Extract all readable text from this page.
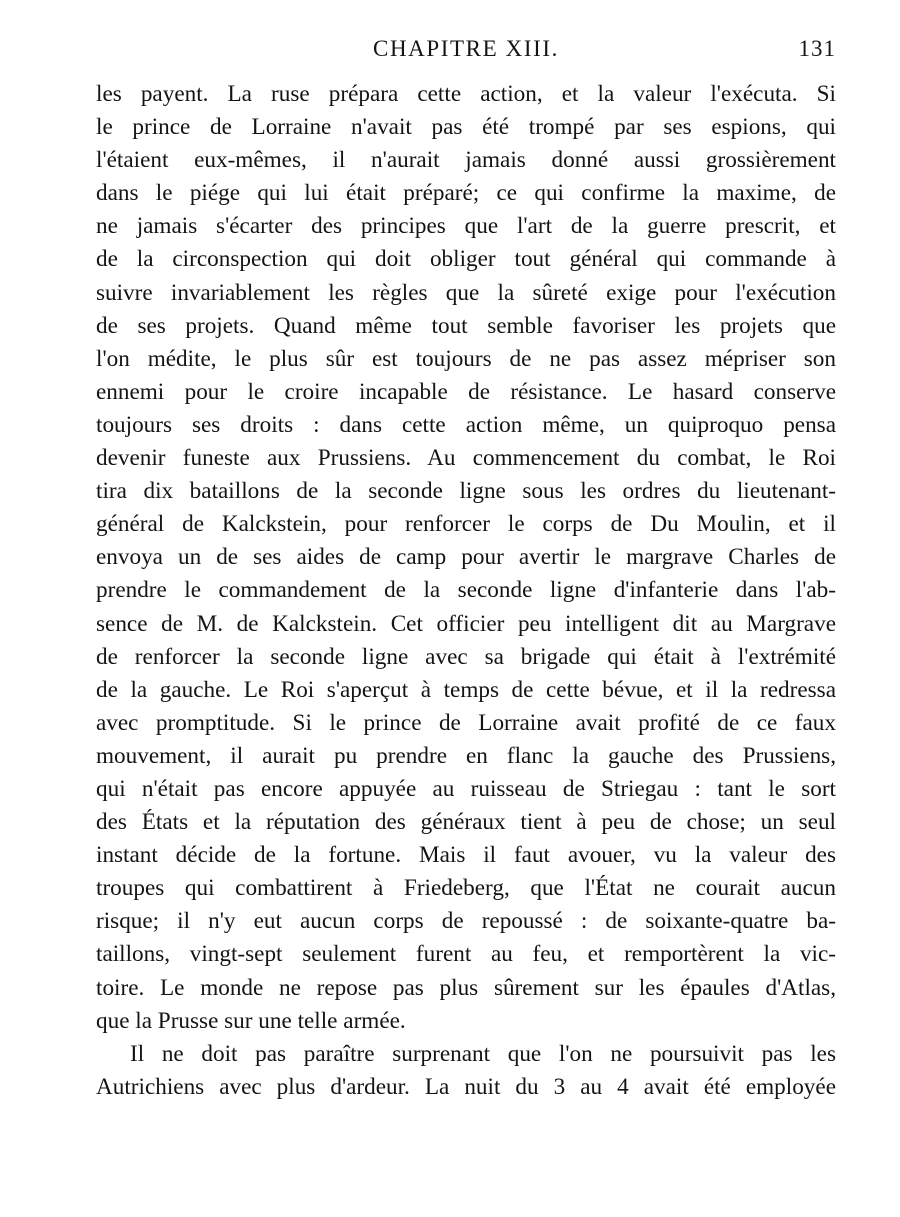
CHAPITRE XIII.	131
les payent. La ruse prépara cette action, et la valeur l'exécuta. Si
le prince de Lorraine n'avait pas été trompé par ses espions, qui
l'étaient eux-mêmes, il n'aurait jamais donné aussi grossièrement
dans le piége qui lui était préparé; ce qui confirme la maxime, de
ne jamais s'écarter des principes que l'art de la guerre prescrit, et
de la circonspection qui doit obliger tout général qui commande à
suivre invariablement les règles que la sûreté exige pour l'exécution
de ses projets. Quand même tout semble favoriser les projets que
l'on médite, le plus sûr est toujours de ne pas assez mépriser son
ennemi pour le croire incapable de résistance. Le hasard conserve
toujours ses droits : dans cette action même, un quiproquo pensa
devenir funeste aux Prussiens. Au commencement du combat, le Roi
tira dix bataillons de la seconde ligne sous les ordres du lieutenant-
général de Kalckstein, pour renforcer le corps de Du Moulin, et il
envoya un de ses aides de camp pour avertir le margrave Charles de
prendre le commandement de la seconde ligne d'infanterie dans l'ab-
sence de M. de Kalckstein. Cet officier peu intelligent dit au Margrave
de renforcer la seconde ligne avec sa brigade qui était à l'extrémité
de la gauche. Le Roi s'aperçut à temps de cette bévue, et il la redressa
avec promptitude. Si le prince de Lorraine avait profité de ce faux
mouvement, il aurait pu prendre en flanc la gauche des Prussiens,
qui n'était pas encore appuyée au ruisseau de Striegau : tant le sort
des États et la réputation des généraux tient à peu de chose; un seul
instant décide de la fortune. Mais il faut avouer, vu la valeur des
troupes qui combattirent à Friedeberg, que l'État ne courait aucun
risque; il n'y eut aucun corps de repoussé : de soixante-quatre ba-
taillons, vingt-sept seulement furent au feu, et remportèrent la vic-
toire. Le monde ne repose pas plus sûrement sur les épaules d'Atlas,
que la Prusse sur une telle armée.
Il ne doit pas paraître surprenant que l'on ne poursuivit pas les
Autrichiens avec plus d'ardeur. La nuit du 3 au 4 avait été employée
